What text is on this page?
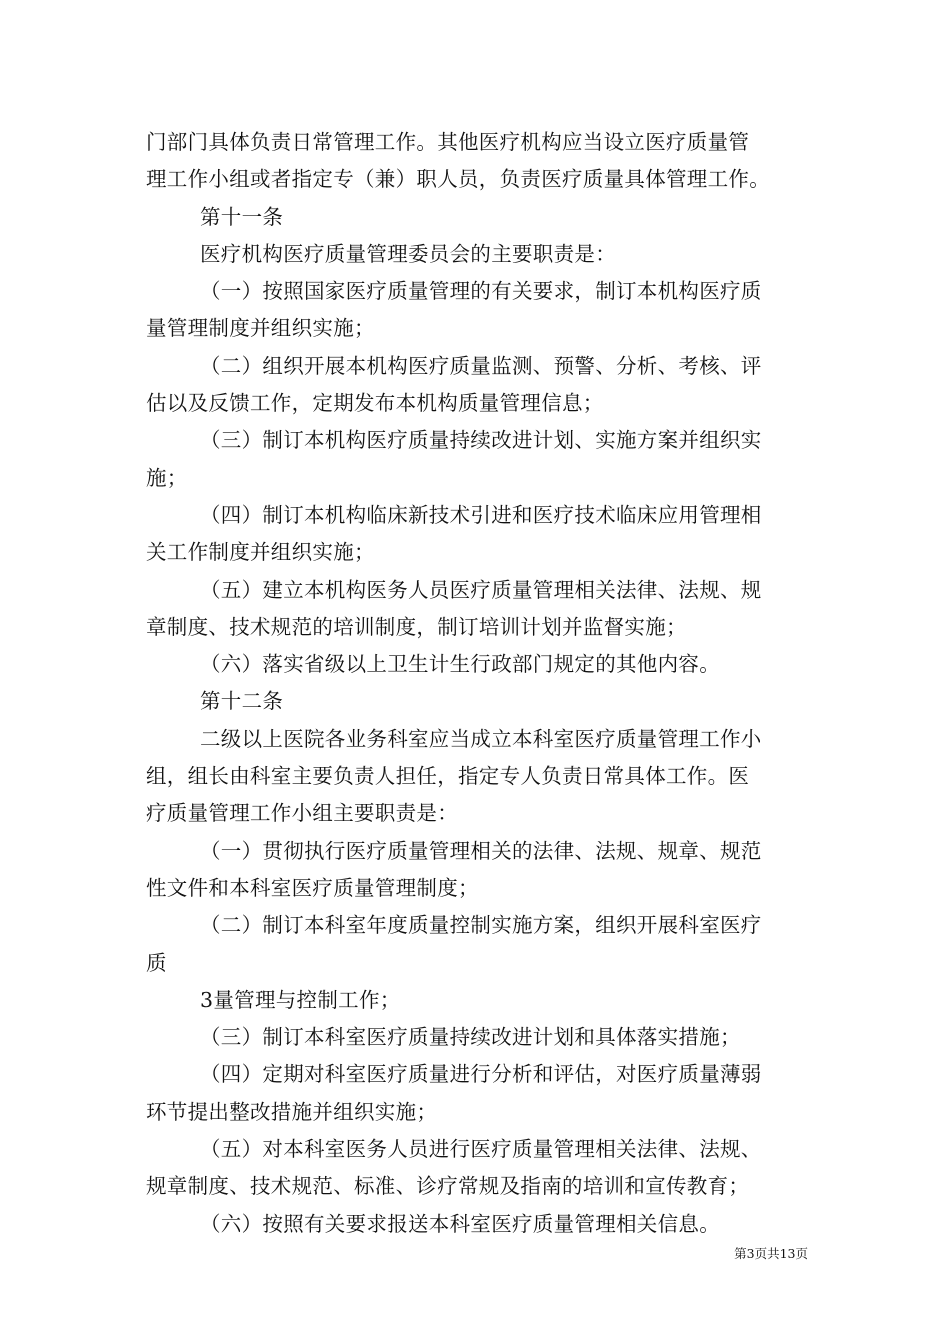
门部门具体负责日常管理工作。其他医疗机构应当设立医疗质量管
理工作小组或者指定专（兼）职人员，负责医疗质量具体管理工作。
第十一条
医疗机构医疗质量管理委员会的主要职责是：
（一）按照国家医疗质量管理的有关要求，制订本机构医疗质
量管理制度并组织实施；
（二）组织开展本机构医疗质量监测、预警、分析、考核、评
估以及反馈工作，定期发布本机构质量管理信息；
（三）制订本机构医疗质量持续改进计划、实施方案并组织实
施；
（四）制订本机构临床新技术引进和医疗技术临床应用管理相
关工作制度并组织实施；
（五）建立本机构医务人员医疗质量管理相关法律、法规、规
章制度、技术规范的培训制度，制订培训计划并监督实施；
（六）落实省级以上卫生计生行政部门规定的其他内容。
第十二条
二级以上医院各业务科室应当成立本科室医疗质量管理工作小
组，组长由科室主要负责人担任，指定专人负责日常具体工作。医
疗质量管理工作小组主要职责是：
（一）贯彻执行医疗质量管理相关的法律、法规、规章、规范
性文件和本科室医疗质量管理制度；
（二）制订本科室年度质量控制实施方案，组织开展科室医疗
质
3量管理与控制工作；
（三）制订本科室医疗质量持续改进计划和具体落实措施；
（四）定期对科室医疗质量进行分析和评估，对医疗质量薄弱
环节提出整改措施并组织实施；
（五）对本科室医务人员进行医疗质量管理相关法律、法规、
规章制度、技术规范、标准、诊疗常规及指南的培训和宣传教育；
（六）按照有关要求报送本科室医疗质量管理相关信息。
第3页共13页
